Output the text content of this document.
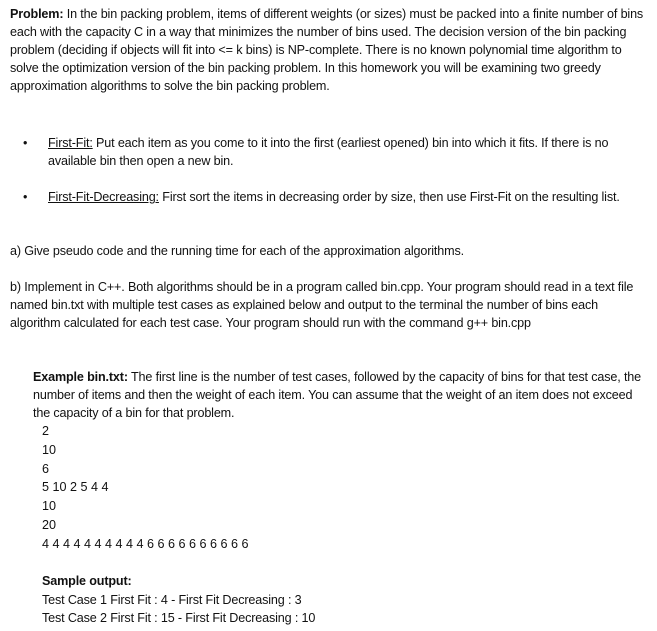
Problem: In the bin packing problem, items of different weights (or sizes) must be packed into a finite number of bins each with the capacity C in a way that minimizes the number of bins used. The decision version of the bin packing problem (deciding if objects will fit into <= k bins) is NP-complete. There is no known polynomial time algorithm to solve the optimization version of the bin packing problem. In this homework you will be examining two greedy approximation algorithms to solve the bin packing problem.

• First-Fit: Put each item as you come to it into the first (earliest opened) bin into which it fits. If there is no available bin then open a new bin.
• First-Fit-Decreasing: First sort the items in decreasing order by size, then use First-Fit on the resulting list.

a) Give pseudo code and the running time for each of the approximation algorithms.

b) Implement in C++. Both algorithms should be in a program called bin.cpp. Your program should read in a text file named bin.txt with multiple test cases as explained below and output to the terminal the number of bins each algorithm calculated for each test case. Your program should run with the command g++ bin.cpp

Example bin.txt: The first line is the number of test cases, followed by the capacity of bins for that test case, the number of items and then the weight of each item. You can assume that the weight of an item does not exceed the capacity of a bin for that problem.

2
10
6
5 10 2 5 4 4
10
20
4 4 4 4 4 4 4 4 4 4 6 6 6 6 6 6 6 6 6 6
Sample output:
Test Case 1 First Fit : 4 - First Fit Decreasing : 3
Test Case 2 First Fit : 15 - First Fit Decreasing : 10
